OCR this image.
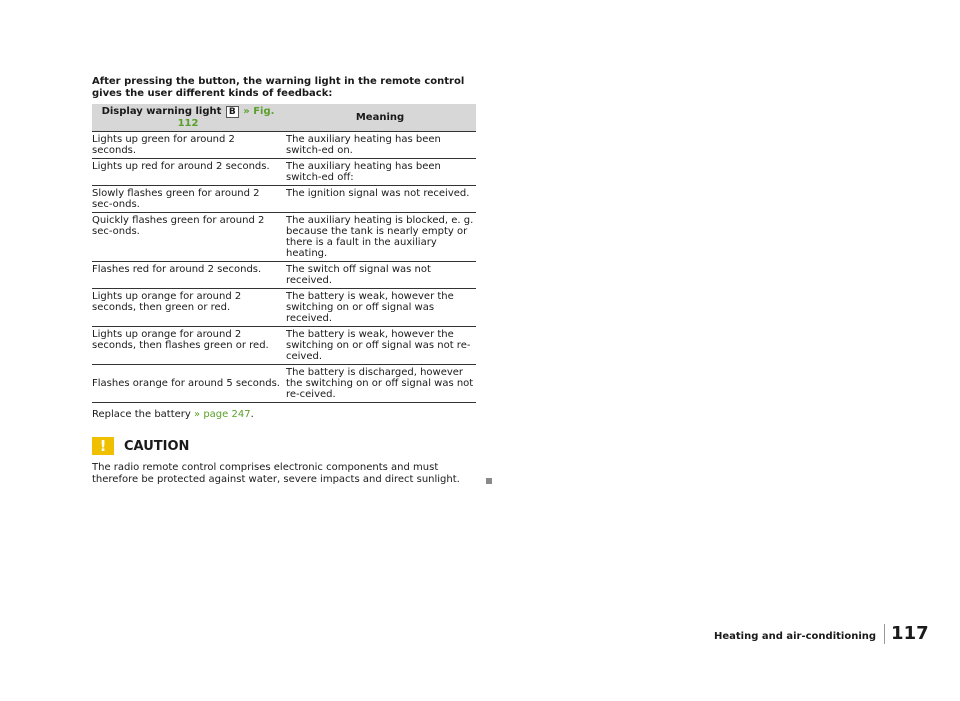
After pressing the button, the warning light in the remote control gives the user different kinds of feedback:

Display warning light B » Fig. 112	Meaning
Lights up green for around 2 seconds.	The auxiliary heating has been switch-ed on.
Lights up red for around 2 seconds.	The auxiliary heating has been switch-ed off:
Slowly flashes green for around 2 sec-onds.	The ignition signal was not received.
Quickly flashes green for around 2 sec-onds.	The auxiliary heating is blocked, e. g. because the tank is nearly empty or there is a fault in the auxiliary heating.
Flashes red for around 2 seconds.	The switch off signal was not received.
Lights up orange for around 2 seconds, then green or red.	The battery is weak, however the switching on or off signal was received.
Lights up orange for around 2 seconds, then flashes green or red.	The battery is weak, however the switching on or off signal was not re-ceived.
Flashes orange for around 5 seconds.	The battery is discharged, however the switching on or off signal was not re-ceived.

Replace the battery » page 247.

!	CAUTION
The radio remote control comprises electronic components and must therefore be protected against water, severe impacts and direct sunlight.
Heating and air-conditioning 117
